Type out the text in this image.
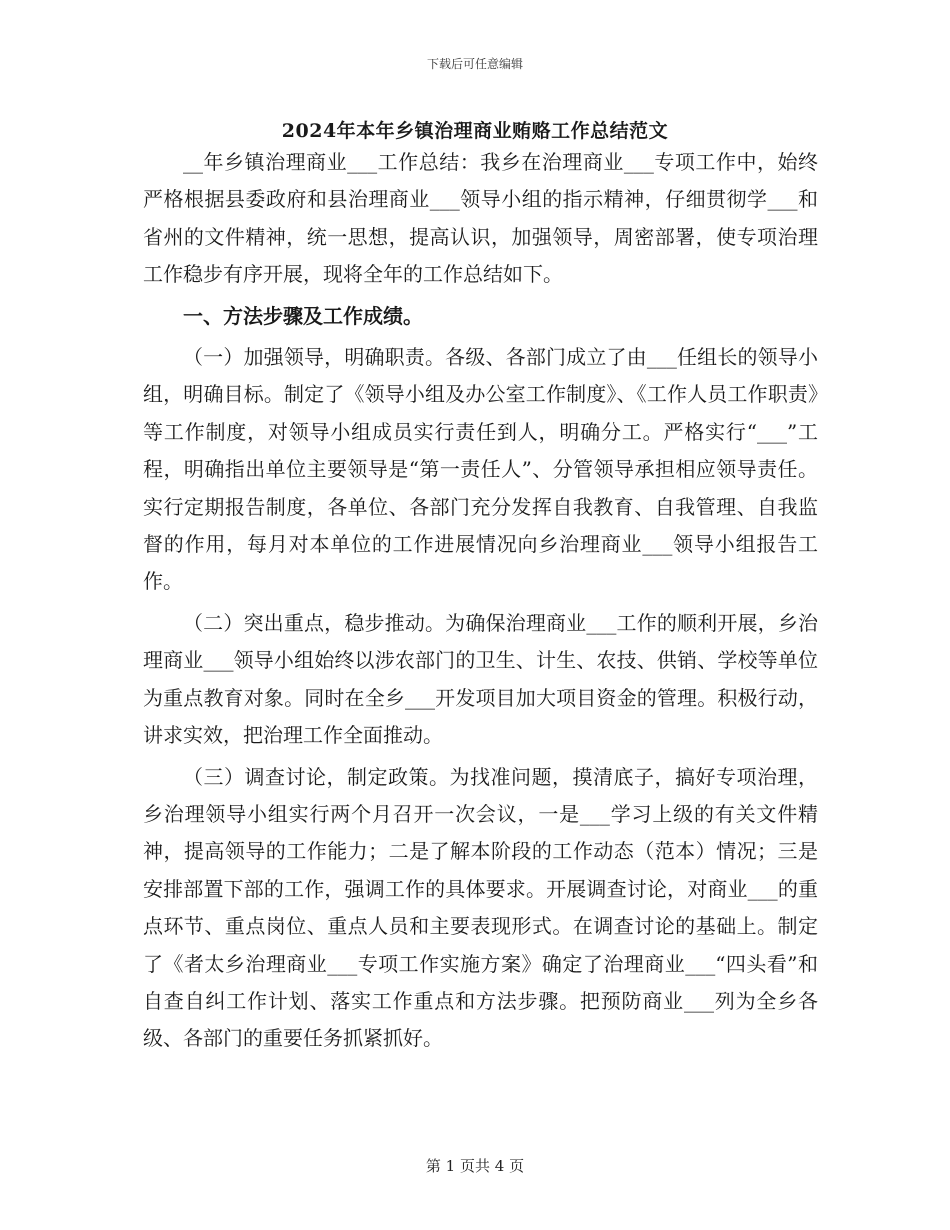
下载后可任意编辑
2024年本年乡镇治理商业贿赂工作总结范文

__年乡镇治理商业___工作总结：我乡在治理商业___专项工作中，始终严格根据县委政府和县治理商业___领导小组的指示精神，仔细贯彻学___和省州的文件精神，统一思想，提高认识，加强领导，周密部署，使专项治理工作稳步有序开展，现将全年的工作总结如下。

一、方法步骤及工作成绩。

（一）加强领导，明确职责。各级、各部门成立了由___任组长的领导小组，明确目标。制定了《领导小组及办公室工作制度》、《工作人员工作职责》等工作制度，对领导小组成员实行责任到人，明确分工。严格实行“___”工程，明确指出单位主要领导是“第一责任人”、分管领导承担相应领导责任。实行定期报告制度，各单位、各部门充分发挥自我教育、自我管理、自我监督的作用，每月对本单位的工作进展情况向乡治理商业___领导小组报告工作。

（二）突出重点，稳步推动。为确保治理商业___工作的顺利开展，乡治理商业___领导小组始终以涉农部门的卫生、计生、农技、供销、学校等单位为重点教育对象。同时在全乡___开发项目加大项目资金的管理。积极行动，讲求实效，把治理工作全面推动。

（三）调查讨论，制定政策。为找准问题，摸清底子，搞好专项治理，乡治理领导小组实行两个月召开一次会议，一是___学习上级的有关文件精神，提高领导的工作能力；二是了解本阶段的工作动态（范本）情况；三是安排部置下部的工作，强调工作的具体要求。开展调查讨论，对商业___的重点环节、重点岗位、重点人员和主要表现形式。在调查讨论的基础上。制定了《者太乡治理商业___专项工作实施方案》确定了治理商业___“四头看”和自查自纠工作计划、落实工作重点和方法步骤。把预防商业___列为全乡各级、各部门的重要任务抓紧抓好。

第 1 页共 4 页
